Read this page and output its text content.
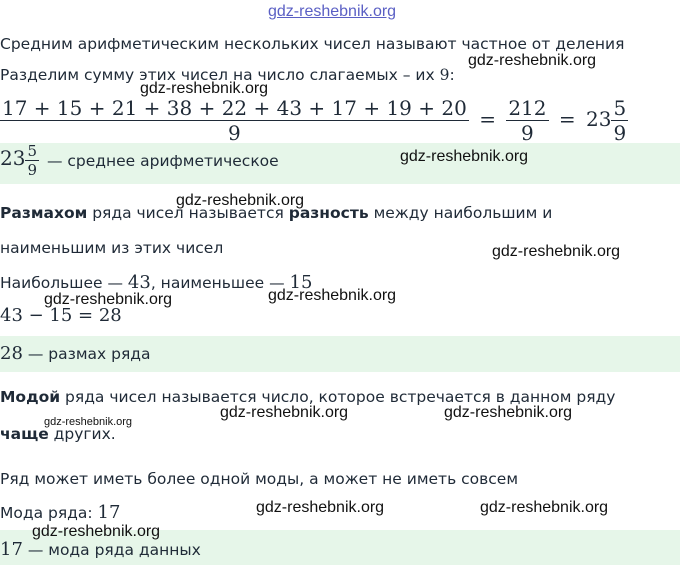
gdz-reshebnik.org
Средним арифметическим нескольких чисел называют частное от деления
Разделим сумму этих чисел на число слагаемых – их 9:
$\frac{17 + 15 + 21 + 38 + 22 + 43 + 17 + 19 + 20}{9} = \frac{212}{9} = 23 \frac{5}{9}$
$23 \frac{5}{9}$ — среднее арифметическое
Размахом ряда чисел называется разность между наибольшим и
наименьшим из этих чисел
Наибольшее — 43, наименьшее — 15
43 − 15 = 28
28 — размах ряда
Модой ряда чисел называется число, которое встречается в данном ряду
чаще других.
Ряд может иметь более одной моды, а может не иметь совсем
Мода ряда: 17
17 — мода ряда данных
gdz-reshebnik.org
gdz-reshebnik.org
gdz-reshebnik.org
gdz-reshebnik.org
gdz-reshebnik.org
gdz-reshebnik.org	gdz-reshebnik.org
gdz-reshebnik.org	gdz-reshebnik.org
gdz-reshebnik.org
gdz-reshebnik.org	gdz-reshebnik.org
gdz-reshebnik.org
